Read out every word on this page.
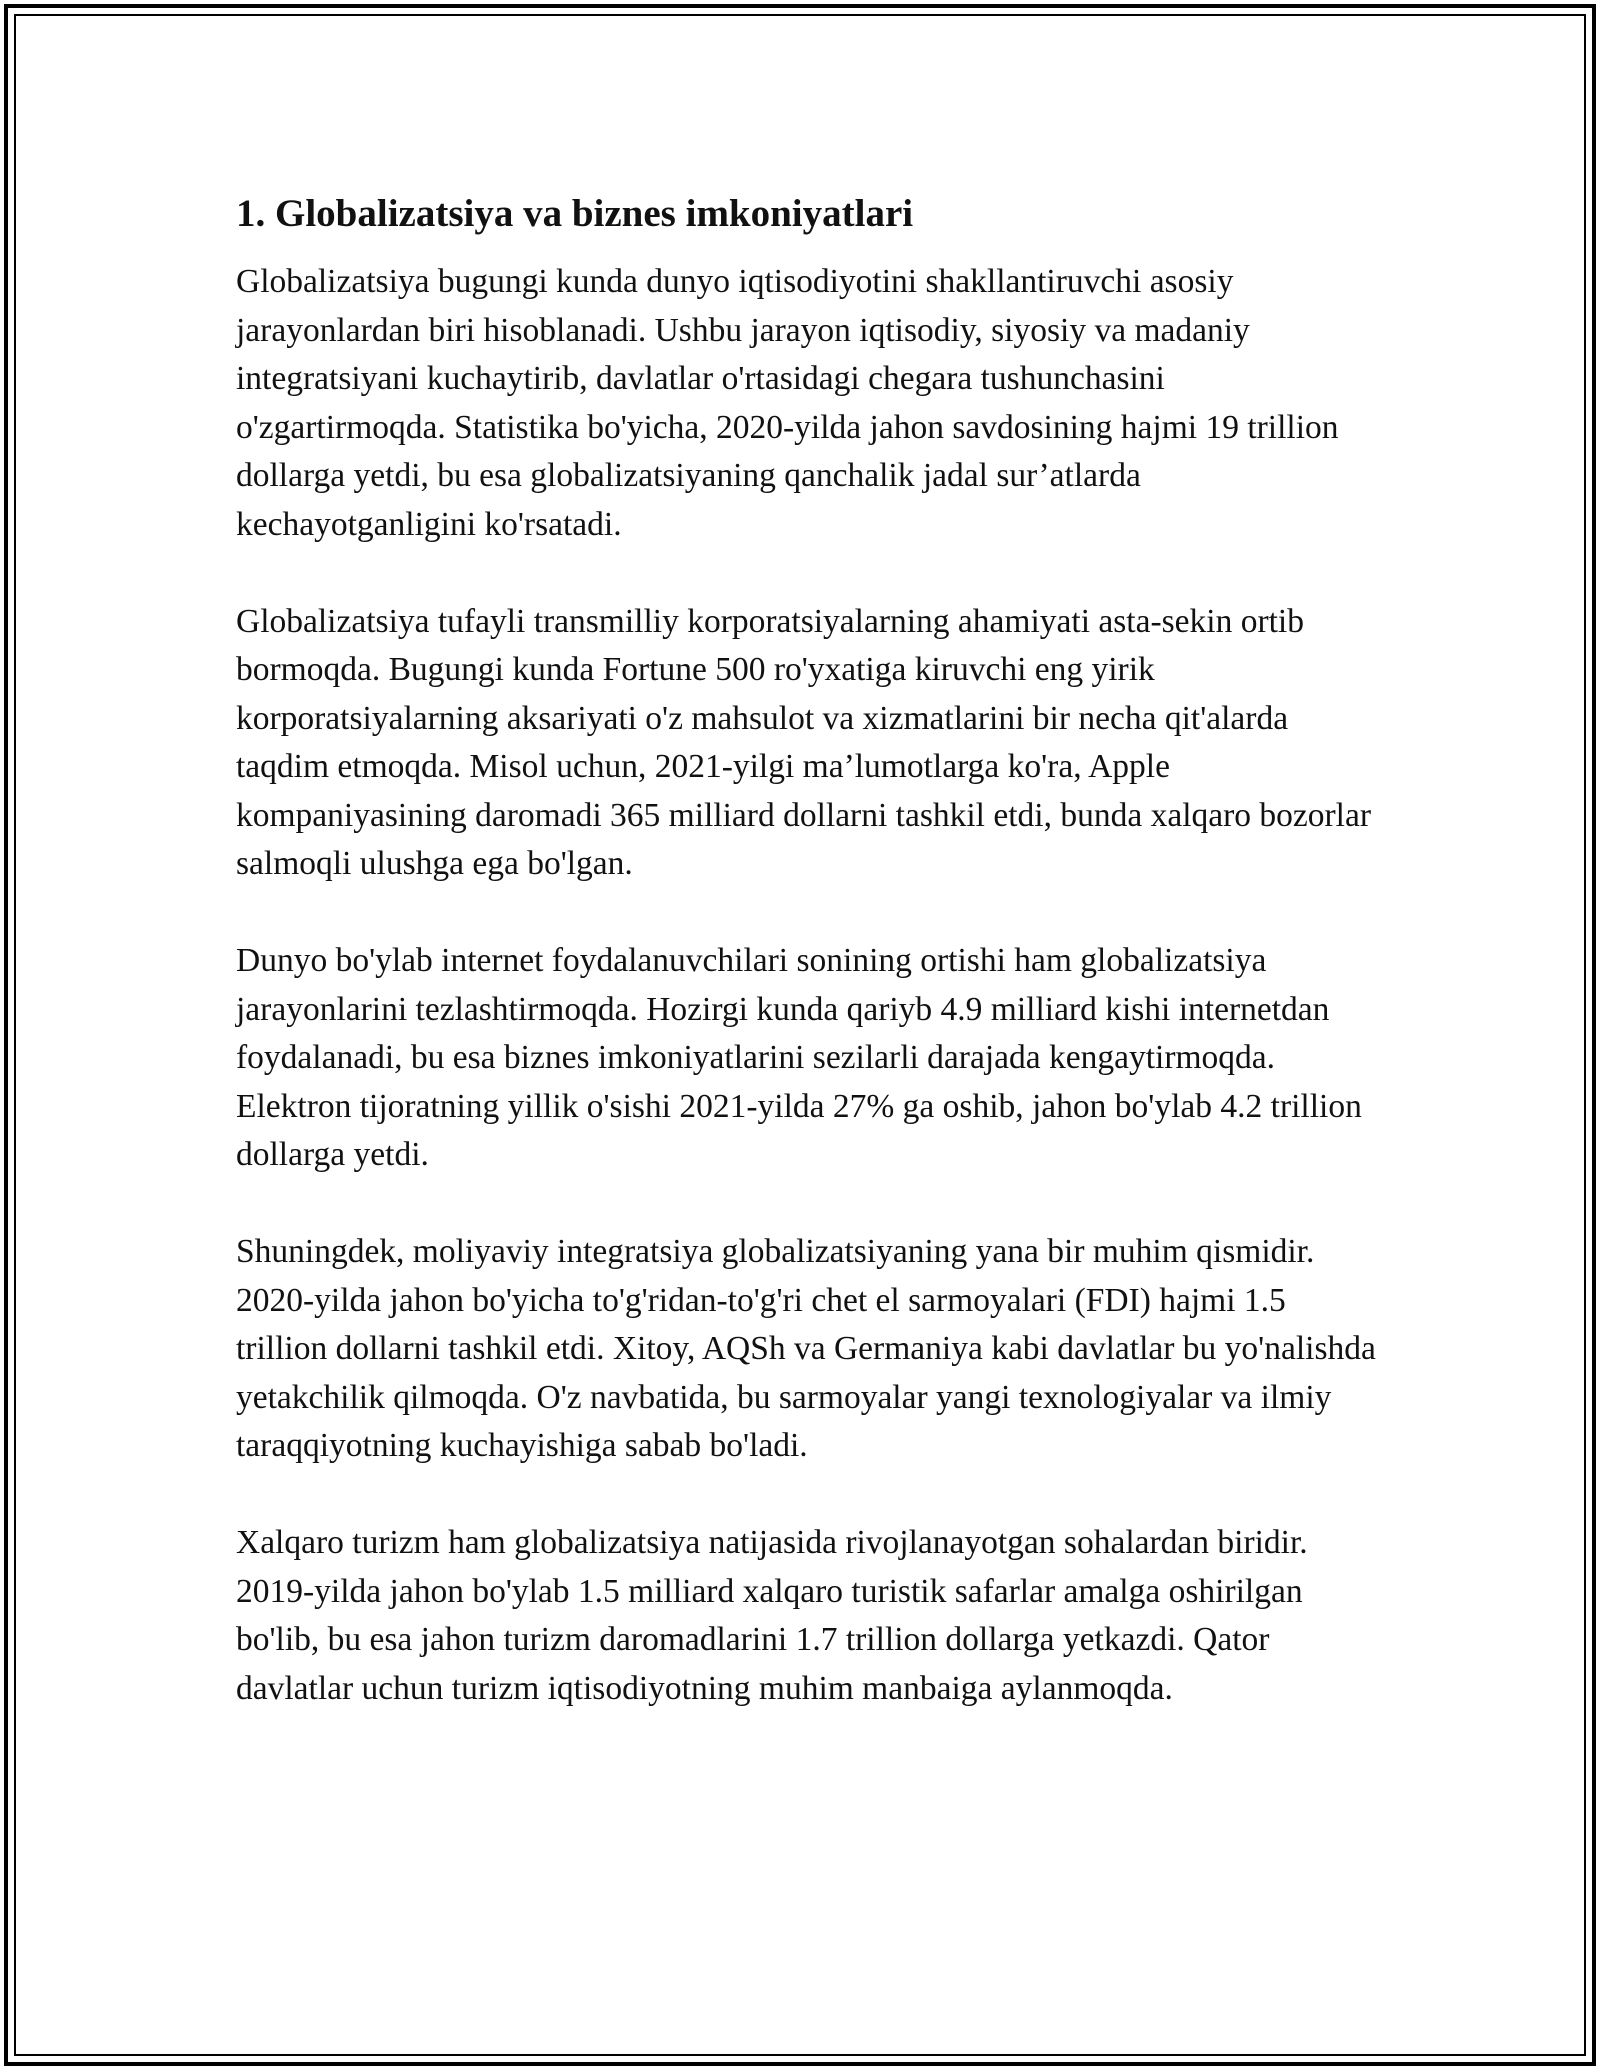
1. Globalizatsiya va biznes imkoniyatlari

Globalizatsiya bugungi kunda dunyo iqtisodiyotini shakllantiruvchi asosiy jarayonlardan biri hisoblanadi. Ushbu jarayon iqtisodiy, siyosiy va madaniy integratsiyani kuchaytirib, davlatlar o'rtasidagi chegara tushunchasini o'zgartirmoqda. Statistika bo'yicha, 2020-yilda jahon savdosining hajmi 19 trillion dollarga yetdi, bu esa globalizatsiyaning qanchalik jadal sur’atlarda kechayotganligini ko'rsatadi.

Globalizatsiya tufayli transmilliy korporatsiyalarning ahamiyati asta-sekin ortib bormoqda. Bugungi kunda Fortune 500 ro'yxatiga kiruvchi eng yirik korporatsiyalarning aksariyati o'z mahsulot va xizmatlarini bir necha qit'alarda taqdim etmoqda. Misol uchun, 2021-yilgi ma’lumotlarga ko'ra, Apple kompaniyasining daromadi 365 milliard dollarni tashkil etdi, bunda xalqaro bozorlar salmoqli ulushga ega bo'lgan.

Dunyo bo'ylab internet foydalanuvchilari sonining ortishi ham globalizatsiya jarayonlarini tezlashtirmoqda. Hozirgi kunda qariyb 4.9 milliard kishi internetdan foydalanadi, bu esa biznes imkoniyatlarini sezilarli darajada kengaytirmoqda. Elektron tijoratning yillik o'sishi 2021-yilda 27% ga oshib, jahon bo'ylab 4.2 trillion dollarga yetdi.

Shuningdek, moliyaviy integratsiya globalizatsiyaning yana bir muhim qismidir. 2020-yilda jahon bo'yicha to'g'ridan-to'g'ri chet el sarmoyalari (FDI) hajmi 1.5 trillion dollarni tashkil etdi. Xitoy, AQSh va Germaniya kabi davlatlar bu yo'nalishda yetakchilik qilmoqda. O'z navbatida, bu sarmoyalar yangi texnologiyalar va ilmiy taraqqiyotning kuchayishiga sabab bo'ladi.

Xalqaro turizm ham globalizatsiya natijasida rivojlanayotgan sohalardan biridir. 2019-yilda jahon bo'ylab 1.5 milliard xalqaro turistik safarlar amalga oshirilgan bo'lib, bu esa jahon turizm daromadlarini 1.7 trillion dollarga yetkazdi. Qator davlatlar uchun turizm iqtisodiyotning muhim manbaiga aylanmoqda.
